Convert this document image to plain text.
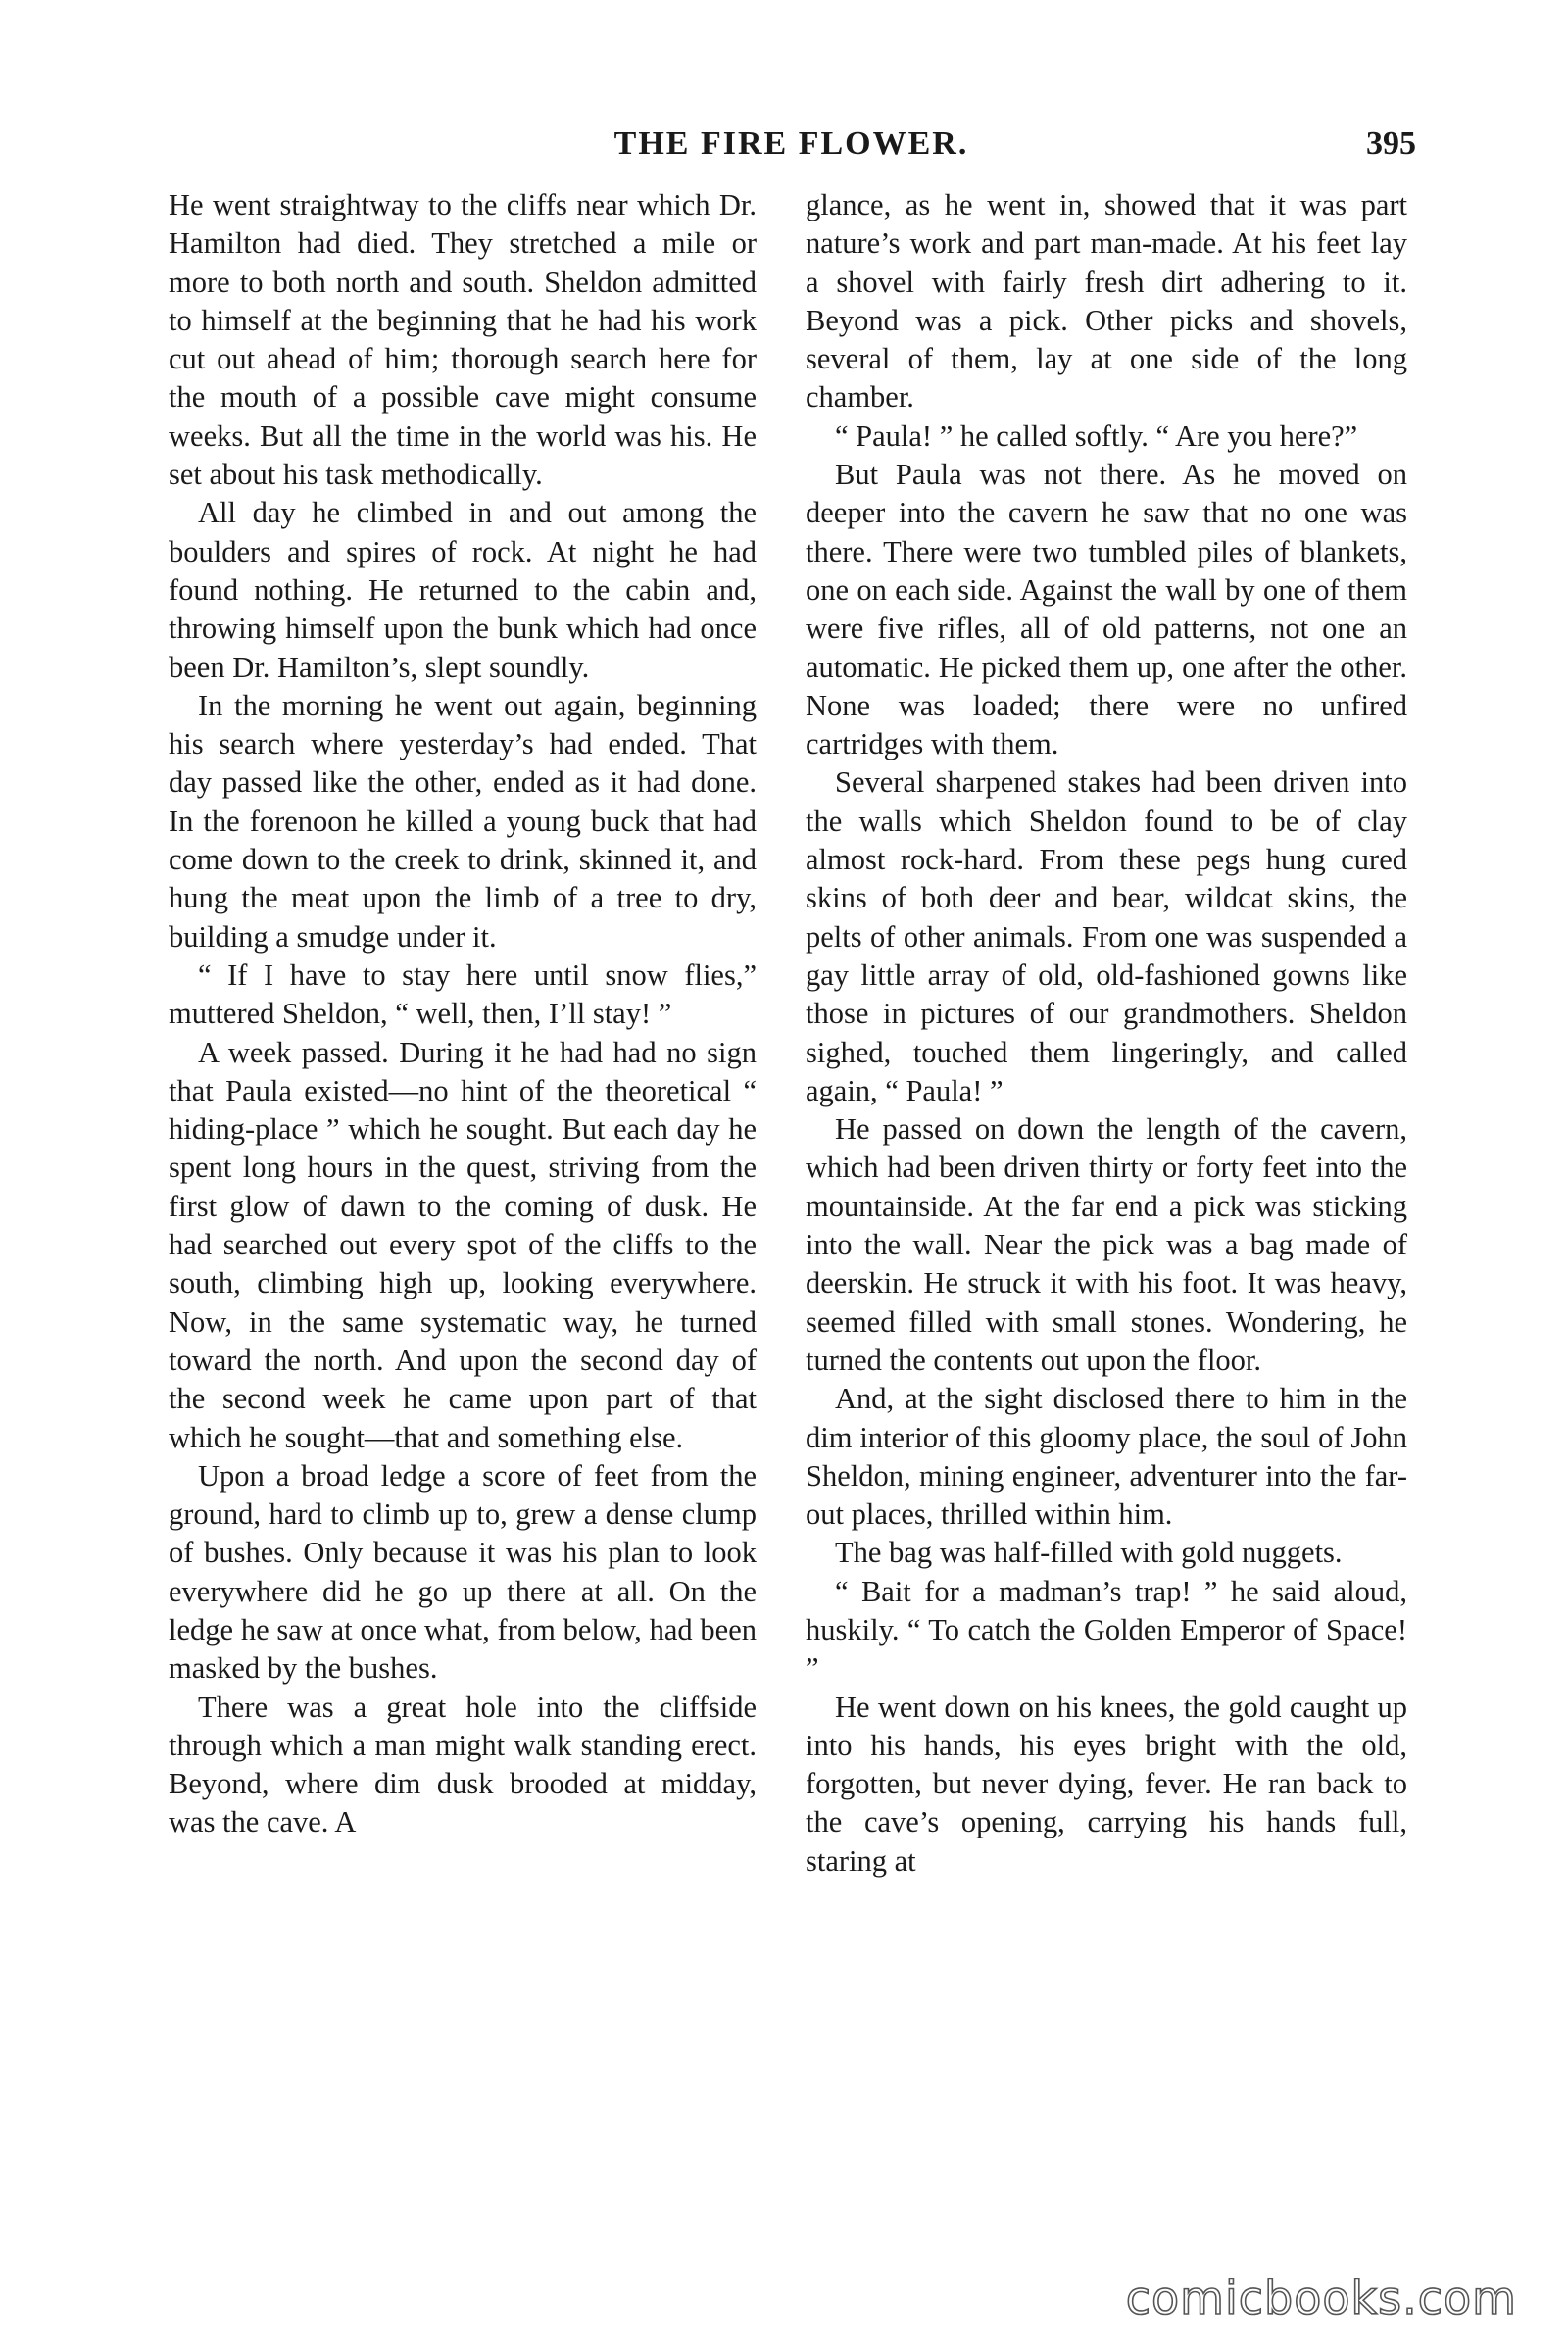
THE FIRE FLOWER.	395

He went straightway to the cliffs near which Dr. Hamilton had died. They stretched a mile or more to both north and south. Sheldon admitted to himself at the beginning that he had his work cut out ahead of him; thorough search here for the mouth of a possible cave might consume weeks. But all the time in the world was his. He set about his task methodically.

All day he climbed in and out among the boulders and spires of rock. At night he had found nothing. He returned to the cabin and, throwing himself upon the bunk which had once been Dr. Hamilton’s, slept soundly.

In the morning he went out again, beginning his search where yesterday’s had ended. That day passed like the other, ended as it had done. In the forenoon he killed a young buck that had come down to the creek to drink, skinned it, and hung the meat upon the limb of a tree to dry, building a smudge under it.

“ If I have to stay here until snow flies,” muttered Sheldon, “ well, then, I’ll stay! ”

A week passed. During it he had had no sign that Paula existed—no hint of the theoretical “ hiding-place ” which he sought. But each day he spent long hours in the quest, striving from the first glow of dawn to the coming of dusk. He had searched out every spot of the cliffs to the south, climbing high up, looking everywhere. Now, in the same systematic way, he turned toward the north. And upon the second day of the second week he came upon part of that which he sought—that and something else.

Upon a broad ledge a score of feet from the ground, hard to climb up to, grew a dense clump of bushes. Only because it was his plan to look everywhere did he go up there at all. On the ledge he saw at once what, from below, had been masked by the bushes.

There was a great hole into the cliffside through which a man might walk standing erect. Beyond, where dim dusk brooded at midday, was the cave. A

glance, as he went in, showed that it was part nature’s work and part man-made. At his feet lay a shovel with fairly fresh dirt adhering to it. Beyond was a pick. Other picks and shovels, several of them, lay at one side of the long chamber.

“ Paula! ” he called softly. “ Are you here?”

But Paula was not there. As he moved on deeper into the cavern he saw that no one was there. There were two tumbled piles of blankets, one on each side. Against the wall by one of them were five rifles, all of old patterns, not one an automatic. He picked them up, one after the other. None was loaded; there were no unfired cartridges with them.

Several sharpened stakes had been driven into the walls which Sheldon found to be of clay almost rock-hard. From these pegs hung cured skins of both deer and bear, wildcat skins, the pelts of other animals. From one was suspended a gay little array of old, old-fashioned gowns like those in pictures of our grandmothers. Sheldon sighed, touched them lingeringly, and called again, “ Paula! ”

He passed on down the length of the cavern, which had been driven thirty or forty feet into the mountainside. At the far end a pick was sticking into the wall. Near the pick was a bag made of deerskin. He struck it with his foot. It was heavy, seemed filled with small stones. Wondering, he turned the contents out upon the floor.

And, at the sight disclosed there to him in the dim interior of this gloomy place, the soul of John Sheldon, mining engineer, adventurer into the far-out places, thrilled within him.

The bag was half-filled with gold nuggets.

“ Bait for a madman’s trap! ” he said aloud, huskily. “ To catch the Golden Emperor of Space! ”

He went down on his knees, the gold caught up into his hands, his eyes bright with the old, forgotten, but never dying, fever. He ran back to the cave’s opening, carrying his hands full, staring at

comicbooks.com
